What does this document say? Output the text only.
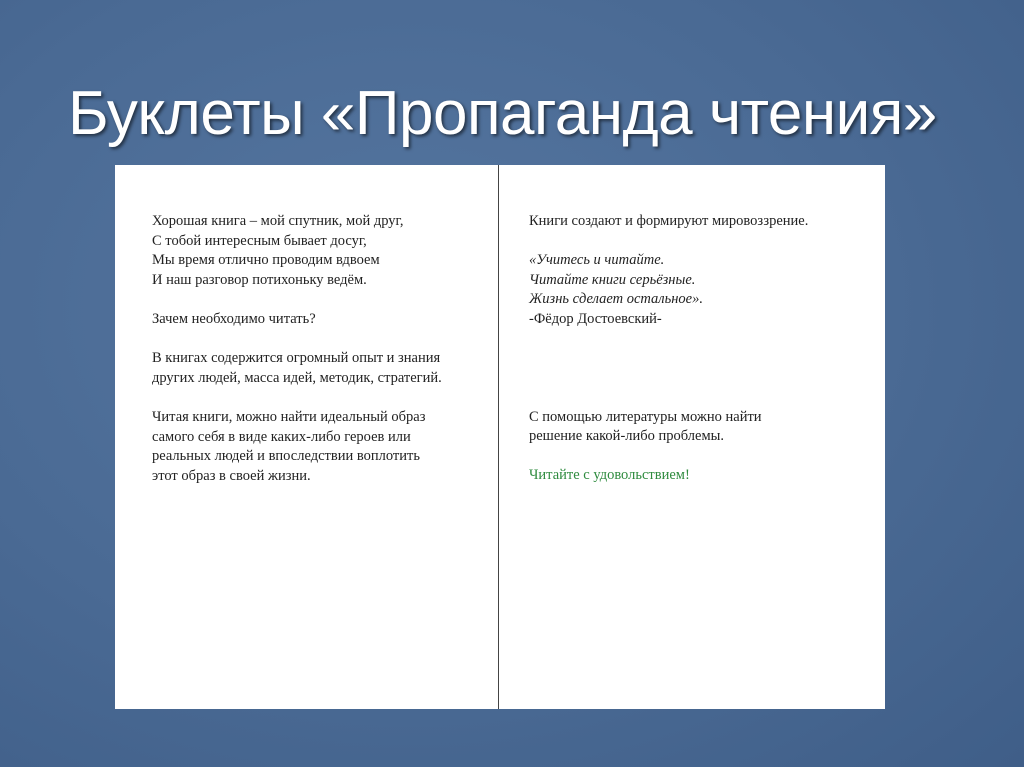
Буклеты «Пропаганда чтения»

Хорошая книга – мой спутник, мой друг,
С тобой интересным бывает досуг,
Мы время отлично проводим вдвоем
И наш разговор потихоньку ведём.

Зачем необходимо читать?

В книгах содержится огромный опыт и знания
других людей, масса идей, методик, стратегий.

Читая книги, можно найти идеальный образ
самого себя в виде каких-либо героев или
реальных людей и впоследствии воплотить
этот образ в своей жизни.

Книги создают и формируют мировоззрение.

«Учитесь и читайте.
Читайте книги серьёзные.
Жизнь сделает остальное».
-Фёдор Достоевский-

С помощью литературы можно найти
решение какой-либо проблемы.

Читайте с удовольствием!
